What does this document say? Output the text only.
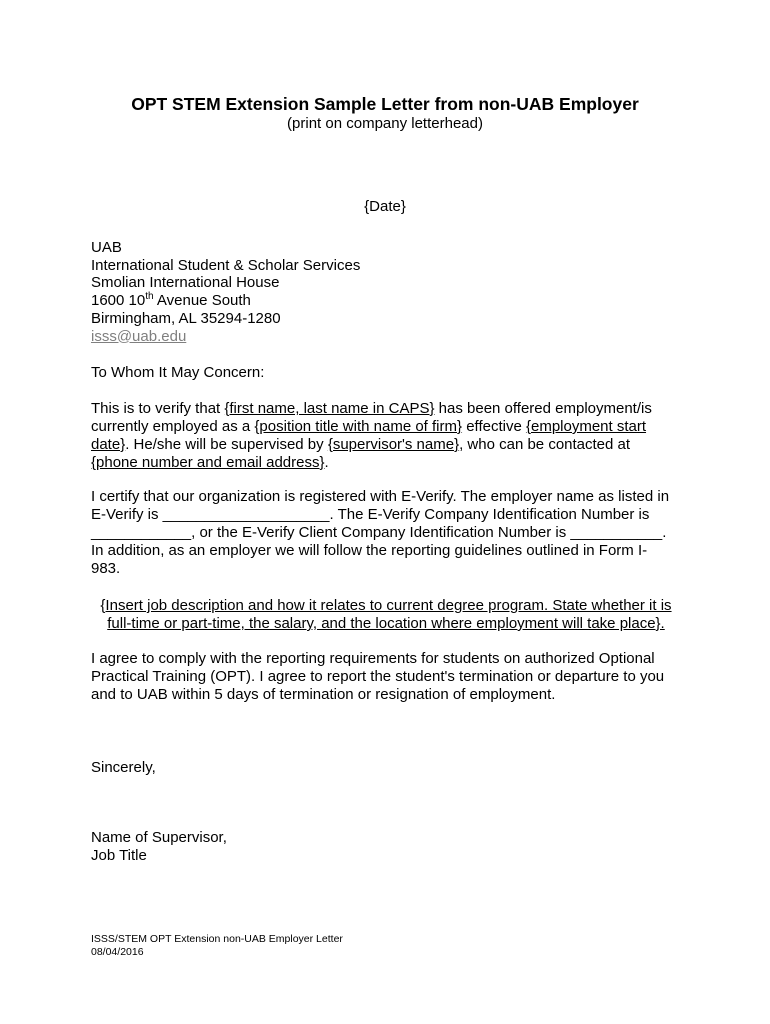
OPT STEM Extension Sample Letter from non-UAB Employer
(print on company letterhead)
{Date}
UAB
International Student & Scholar Services
Smolian International House
1600 10th Avenue South
Birmingham, AL 35294-1280
isss@uab.edu
To Whom It May Concern:
This is to verify that {first name, last name in CAPS} has been offered employment/is
currently employed as a {position title with name of firm} effective {employment start
date}. He/she will be supervised by {supervisor's name}, who can be contacted at
{phone number and email address}.
I certify that our organization is registered with E-Verify. The employer name as listed in
E-Verify is ____________________. The E-Verify Company Identification Number is
____________, or the E-Verify Client Company Identification Number is ___________.
In addition, as an employer we will follow the reporting guidelines outlined in Form I-
983.
{Insert job description and how it relates to current degree program. State whether it is
full-time or part-time, the salary, and the location where employment will take place}.
I agree to comply with the reporting requirements for students on authorized Optional
Practical Training (OPT). I agree to report the student's termination or departure to you
and to UAB within 5 days of termination or resignation of employment.
Sincerely,
Name of Supervisor,
Job Title
ISSS/STEM OPT Extension non-UAB Employer Letter
08/04/2016
